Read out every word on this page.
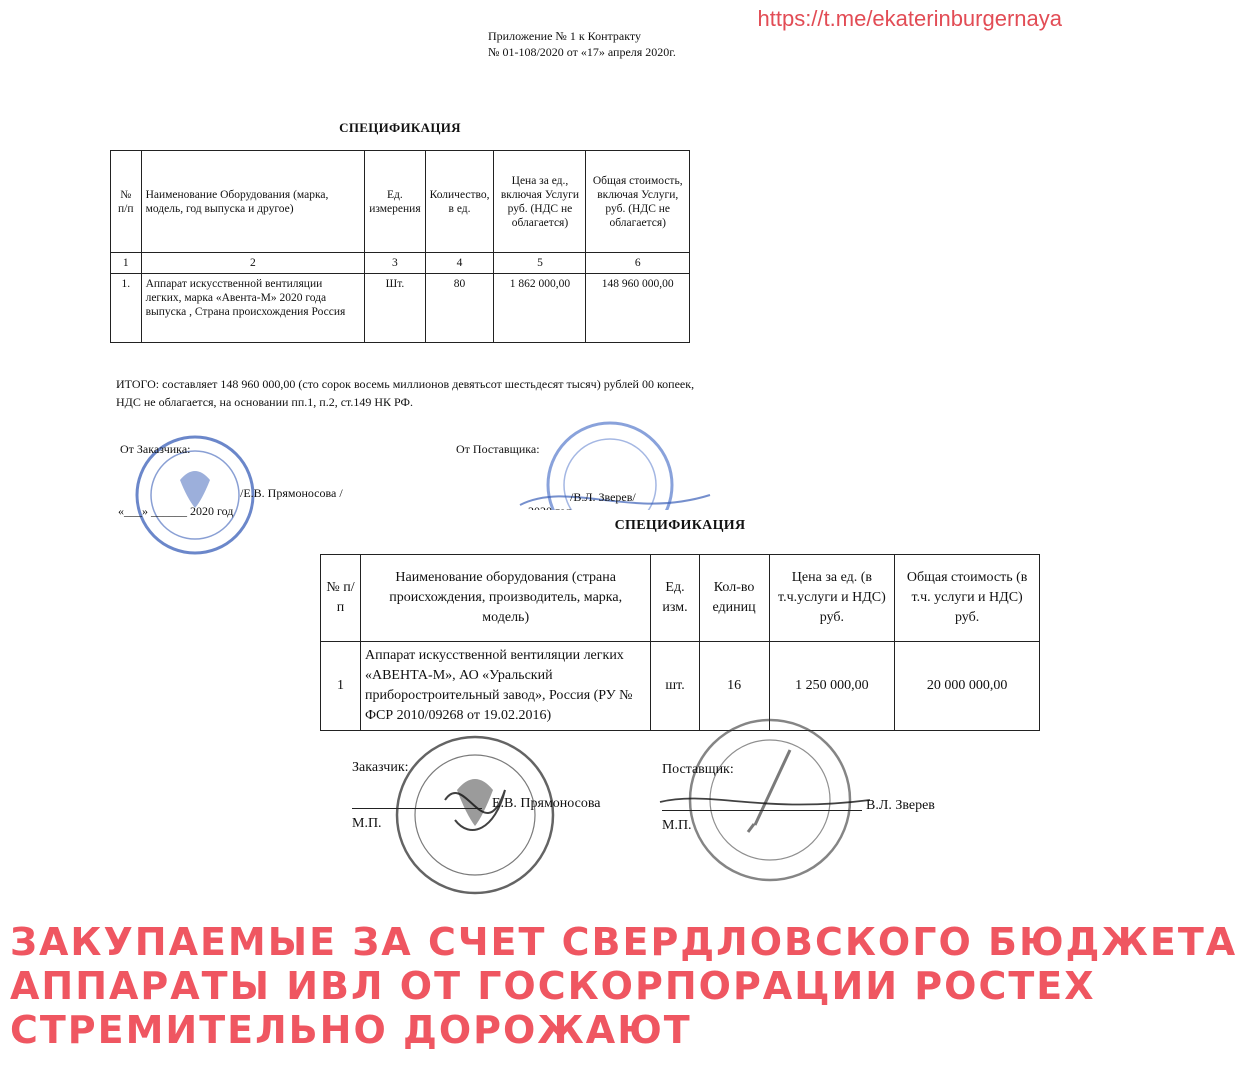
https://t.me/ekaterinburgernaya
Приложение № 1 к Контракту
№ 01-108/2020 от «17» апреля 2020г.
СПЕЦИФИКАЦИЯ
№ п/п	Наименование Оборудования (марка, модель, год выпуска и другое)	Ед. измерения	Количество, в ед.	Цена за ед., включая Услуги руб. (НДС не облагается)	Общая стоимость, включая Услуги, руб. (НДС не облагается)
1	2	3	4	5	6
1.	Аппарат искусственной вентиляции легких, марка «Авента-М» 2020 года выпуска , Страна происхождения Россия	Шт.	80	1 862 000,00	148 960 000,00
ИТОГО: составляет 148 960 000,00 (сто сорок восемь миллионов девятьсот шестьдесят тысяч) рублей 00 копеек, НДС не облагается, на основании пп.1, п.2, ст.149 НК РФ.
От Заказчика:	От Поставщика:
/Е.В. Прямоносова /	/В.Л. Зверев/
«___» ______ 2020 год
СПЕЦИФИКАЦИЯ
№ п/п	Наименование оборудования (страна происхождения, производитель, марка, модель)	Ед. изм.	Кол-во единиц	Цена за ед. (в т.ч.услуги и НДС) руб.	Общая стоимость (в т.ч. услуги и НДС) руб.
1	Аппарат искусственной вентиляции легких «АВЕНТА-М», АО «Уральский приборостроительный завод», Россия (РУ № ФСР 2010/09268 от 19.02.2016)	шт.	16	1 250 000,00	20 000 000,00
Заказчик:	Поставщик:
Е.В. Прямоносова	В.Л. Зверев
М.П.	М.П.
ЗАКУПАЕМЫЕ ЗА СЧЕТ СВЕРДЛОВСКОГО БЮДЖЕТА
АППАРАТЫ ИВЛ ОТ ГОСКОРПОРАЦИИ РОСТЕХ
СТРЕМИТЕЛЬНО ДОРОЖАЮТ
